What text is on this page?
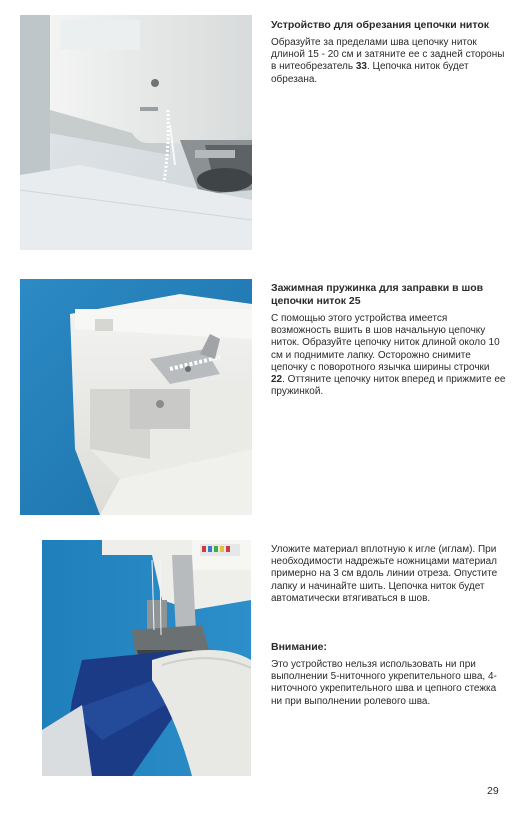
Устройство для обрезания цепочки ниток

Образуйте за пределами шва цепочку ниток длиной 15 - 20 см и затяните ее с задней стороны в нитеобрезатель 33. Цепочка ниток будет обрезана.

Зажимная пружинка для заправки в шов цепочки ниток 25

С помощью этого устройства имеется возможность вшить в шов начальную цепочку ниток. Образуйте цепочку ниток длиной около 10 см и поднимите лапку. Осторожно снимите цепочку с поворотного язычка ширины строчки 22. Оттяните цепочку ниток вперед и прижмите ее пружинкой.

Уложите материал вплотную к игле (иглам). При необходимости надрежьте ножницами материал примерно на 3 см вдоль линии отреза. Опустите лапку и начинайте шить. Цепочка ниток будет автоматически втягиваться в шов.

Внимание:

Это устройство нельзя использовать ни при выполнении 5-ниточного укрепительного шва, 4-ниточного укрепительного шва и цепного стежка ни при выполнении ролевого шва.

29
